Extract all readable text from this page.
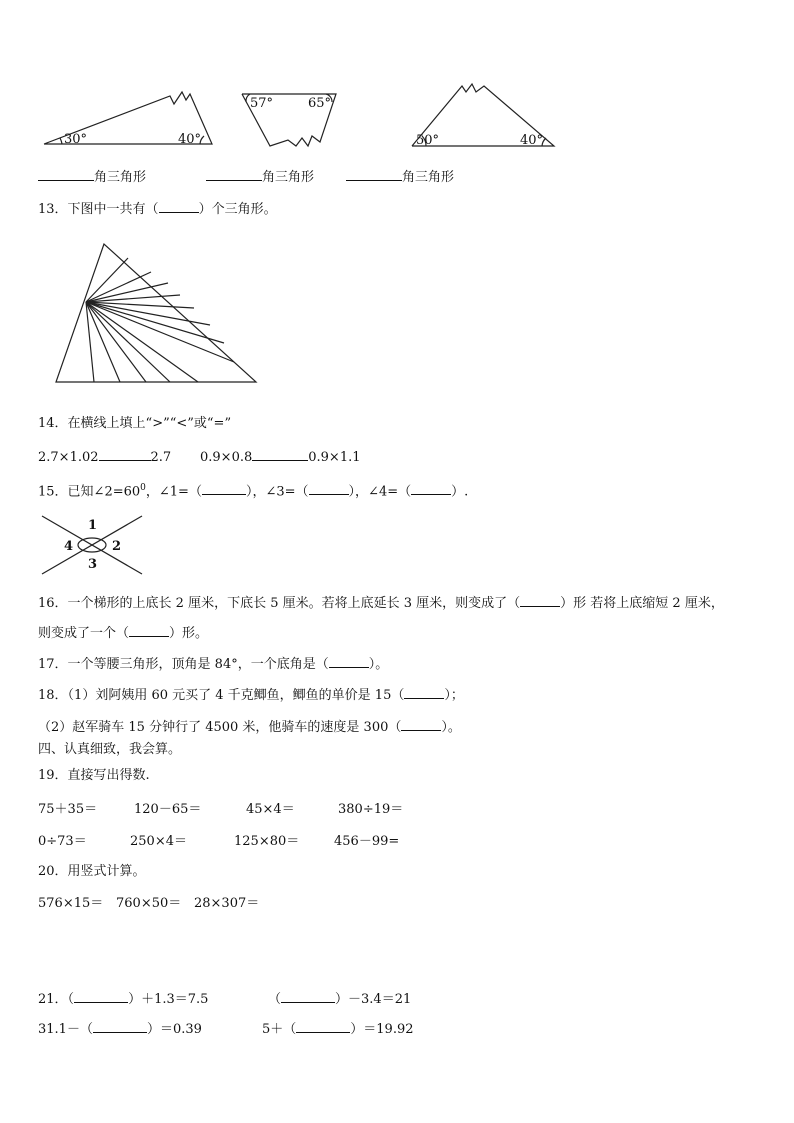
30°	40°
57°	65°
50°	40°
角三角形	角三角形	角三角形
13．下图中一共有（	）个三角形。
14．在横线上填上“>”“<”或“=”
2.7×1.02	2.7 0.9×0.8	0.9×1.1
15．已知$\angle 2=60^0$，∠1=（	），∠3=（	），∠4=（	）.
1
2
3
4
16．一个梯形的上底长 2 厘米，下底长 5 厘米。若将上底延长 3 厘米，则变成了（	）形 若将上底缩短 2 厘米，
则变成了一个（	）形。
17．一个等腰三角形，顶角是 84°，一个底角是（	）。
18．（1）刘阿姨用 60 元买了 4 千克鲫鱼，鲫鱼的单价是 15（	）；
（2）赵军骑车 15 分钟行了 4500 米，他骑车的速度是 300（	）。
四、认真细致，我会算。
19．直接写出得数.
75＋35＝	120－65＝	45×4＝	380÷19＝
0÷73＝	250×4＝	125×80＝	456－99=
20．用竖式计算。
576×15＝ 760×50＝ 28×307＝
21．（	）＋1.3＝7.5	（	）－3.4＝21
31.1－（	）＝0.39	5＋（	）＝19.92
